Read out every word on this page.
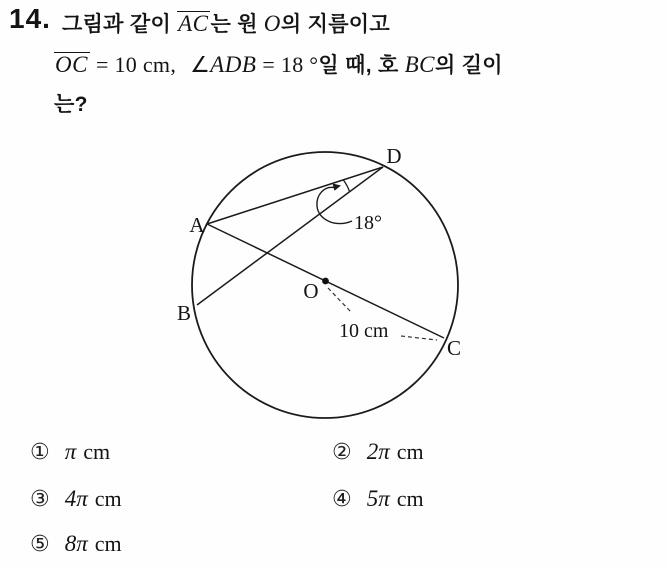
14. 그림과 같이 AC는 원 O의 지름이고
OC = 10 cm, ∠ADB = 18 °일 때, 호 BC의 길이
는?
A
B
C
D
O
18°
10 cm
① π cm	② 2π cm
③ 4π cm	④ 5π cm
⑤ 8π cm
